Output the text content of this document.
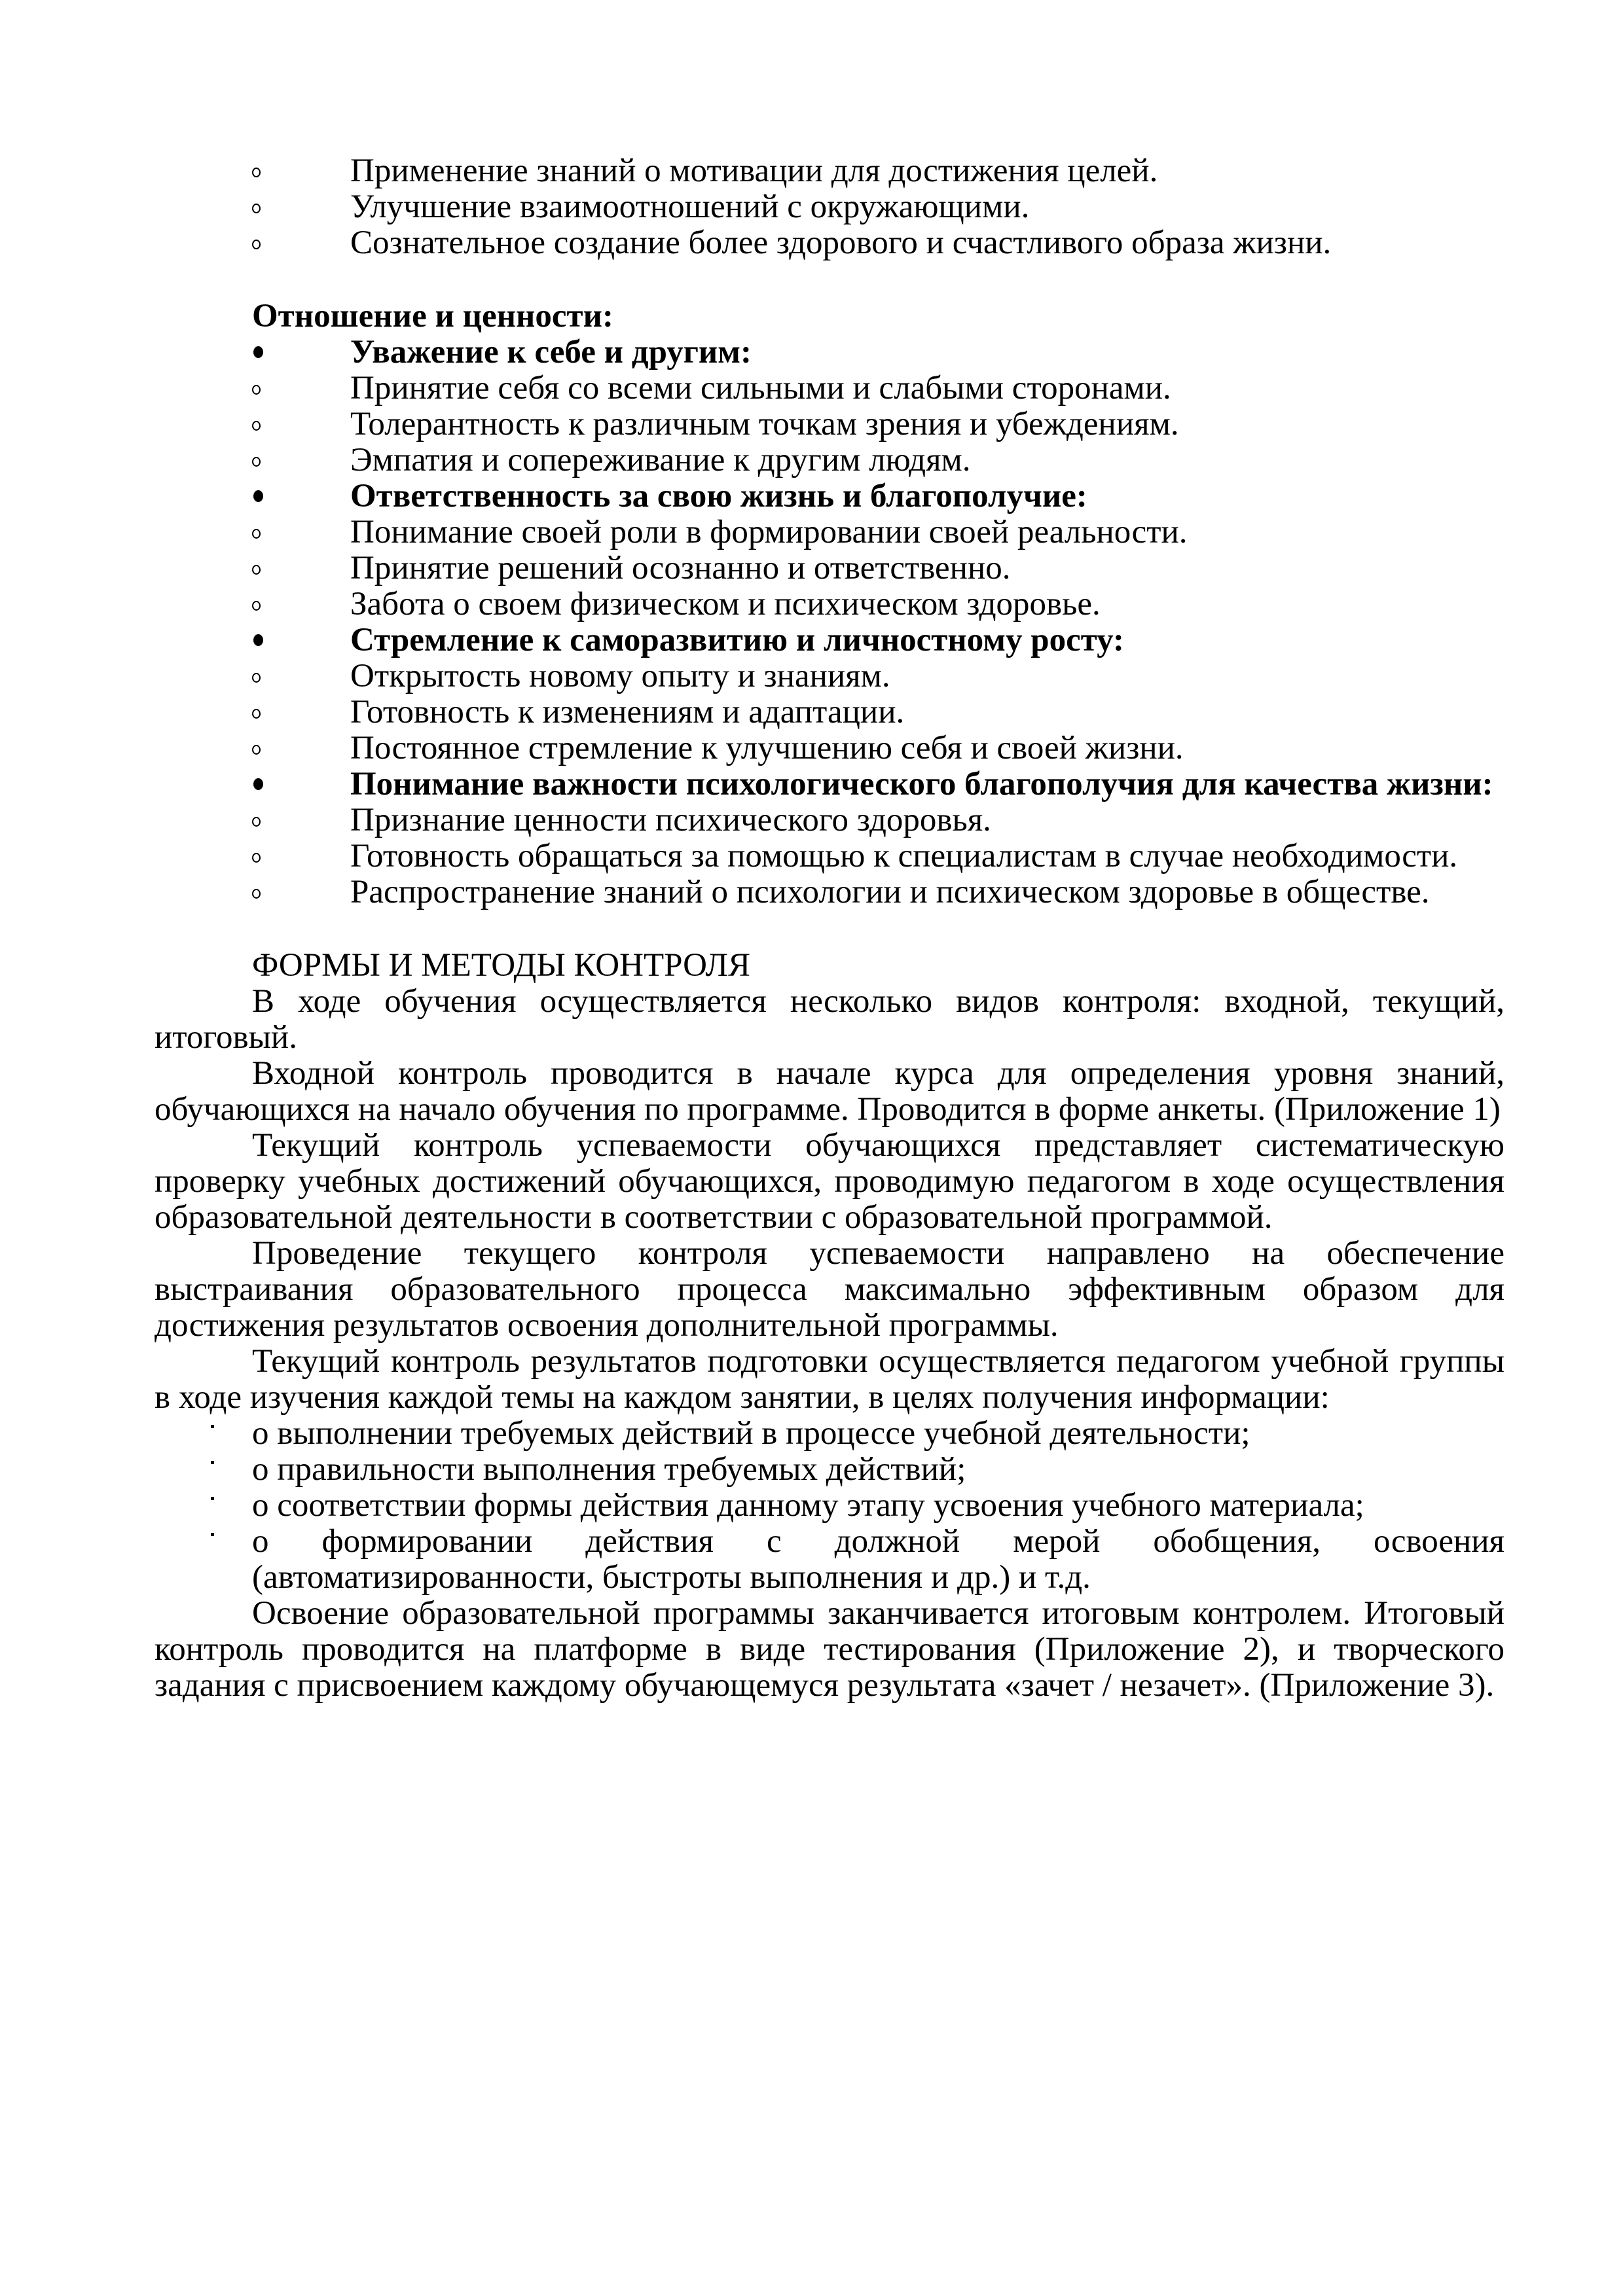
Применение знаний о мотивации для достижения целей.
Улучшение взаимоотношений с окружающими.
Сознательное создание более здорового и счастливого образа жизни.
Отношение и ценности:
Уважение к себе и другим:
Принятие себя со всеми сильными и слабыми сторонами.
Толерантность к различным точкам зрения и убеждениям.
Эмпатия и сопереживание к другим людям.
Ответственность за свою жизнь и благополучие:
Понимание своей роли в формировании своей реальности.
Принятие решений осознанно и ответственно.
Забота о своем физическом и психическом здоровье.
Стремление к саморазвитию и личностному росту:
Открытость новому опыту и знаниям.
Готовность к изменениям и адаптации.
Постоянное стремление к улучшению себя и своей жизни.
Понимание важности психологического благополучия для качества жизни:
Признание ценности психического здоровья.
Готовность обращаться за помощью к специалистам в случае необходимости.
Распространение знаний о психологии и психическом здоровье в обществе.
ФОРМЫ И МЕТОДЫ КОНТРОЛЯ

В ходе обучения осуществляется несколько видов контроля: входной, текущий, итоговый.

Входной контроль проводится в начале курса для определения уровня знаний, обучающихся на начало обучения по программе. Проводится в форме анкеты. (Приложение 1)

Текущий контроль успеваемости обучающихся представляет систематическую проверку учебных достижений обучающихся, проводимую педагогом в ходе осуществления образовательной деятельности в соответствии с образовательной программой.

Проведение текущего контроля успеваемости направлено на обеспечение выстраивания образовательного процесса максимально эффективным образом для достижения результатов освоения дополнительной программы.

Текущий контроль результатов подготовки осуществляется педагогом учебной группы в ходе изучения каждой темы на каждом занятии, в целях получения информации:

о выполнении требуемых действий в процессе учебной деятельности;
о правильности выполнения требуемых действий;
о соответствии формы действия данному этапу усвоения учебного материала;
о формировании действия с должной мерой обобщения, освоения (автоматизированности, быстроты выполнения и др.) и т.д.

Освоение образовательной программы заканчивается итоговым контролем. Итоговый контроль проводится на платформе в виде тестирования (Приложение 2), и творческого задания с присвоением каждому обучающемуся результата «зачет / незачет». (Приложение 3).
